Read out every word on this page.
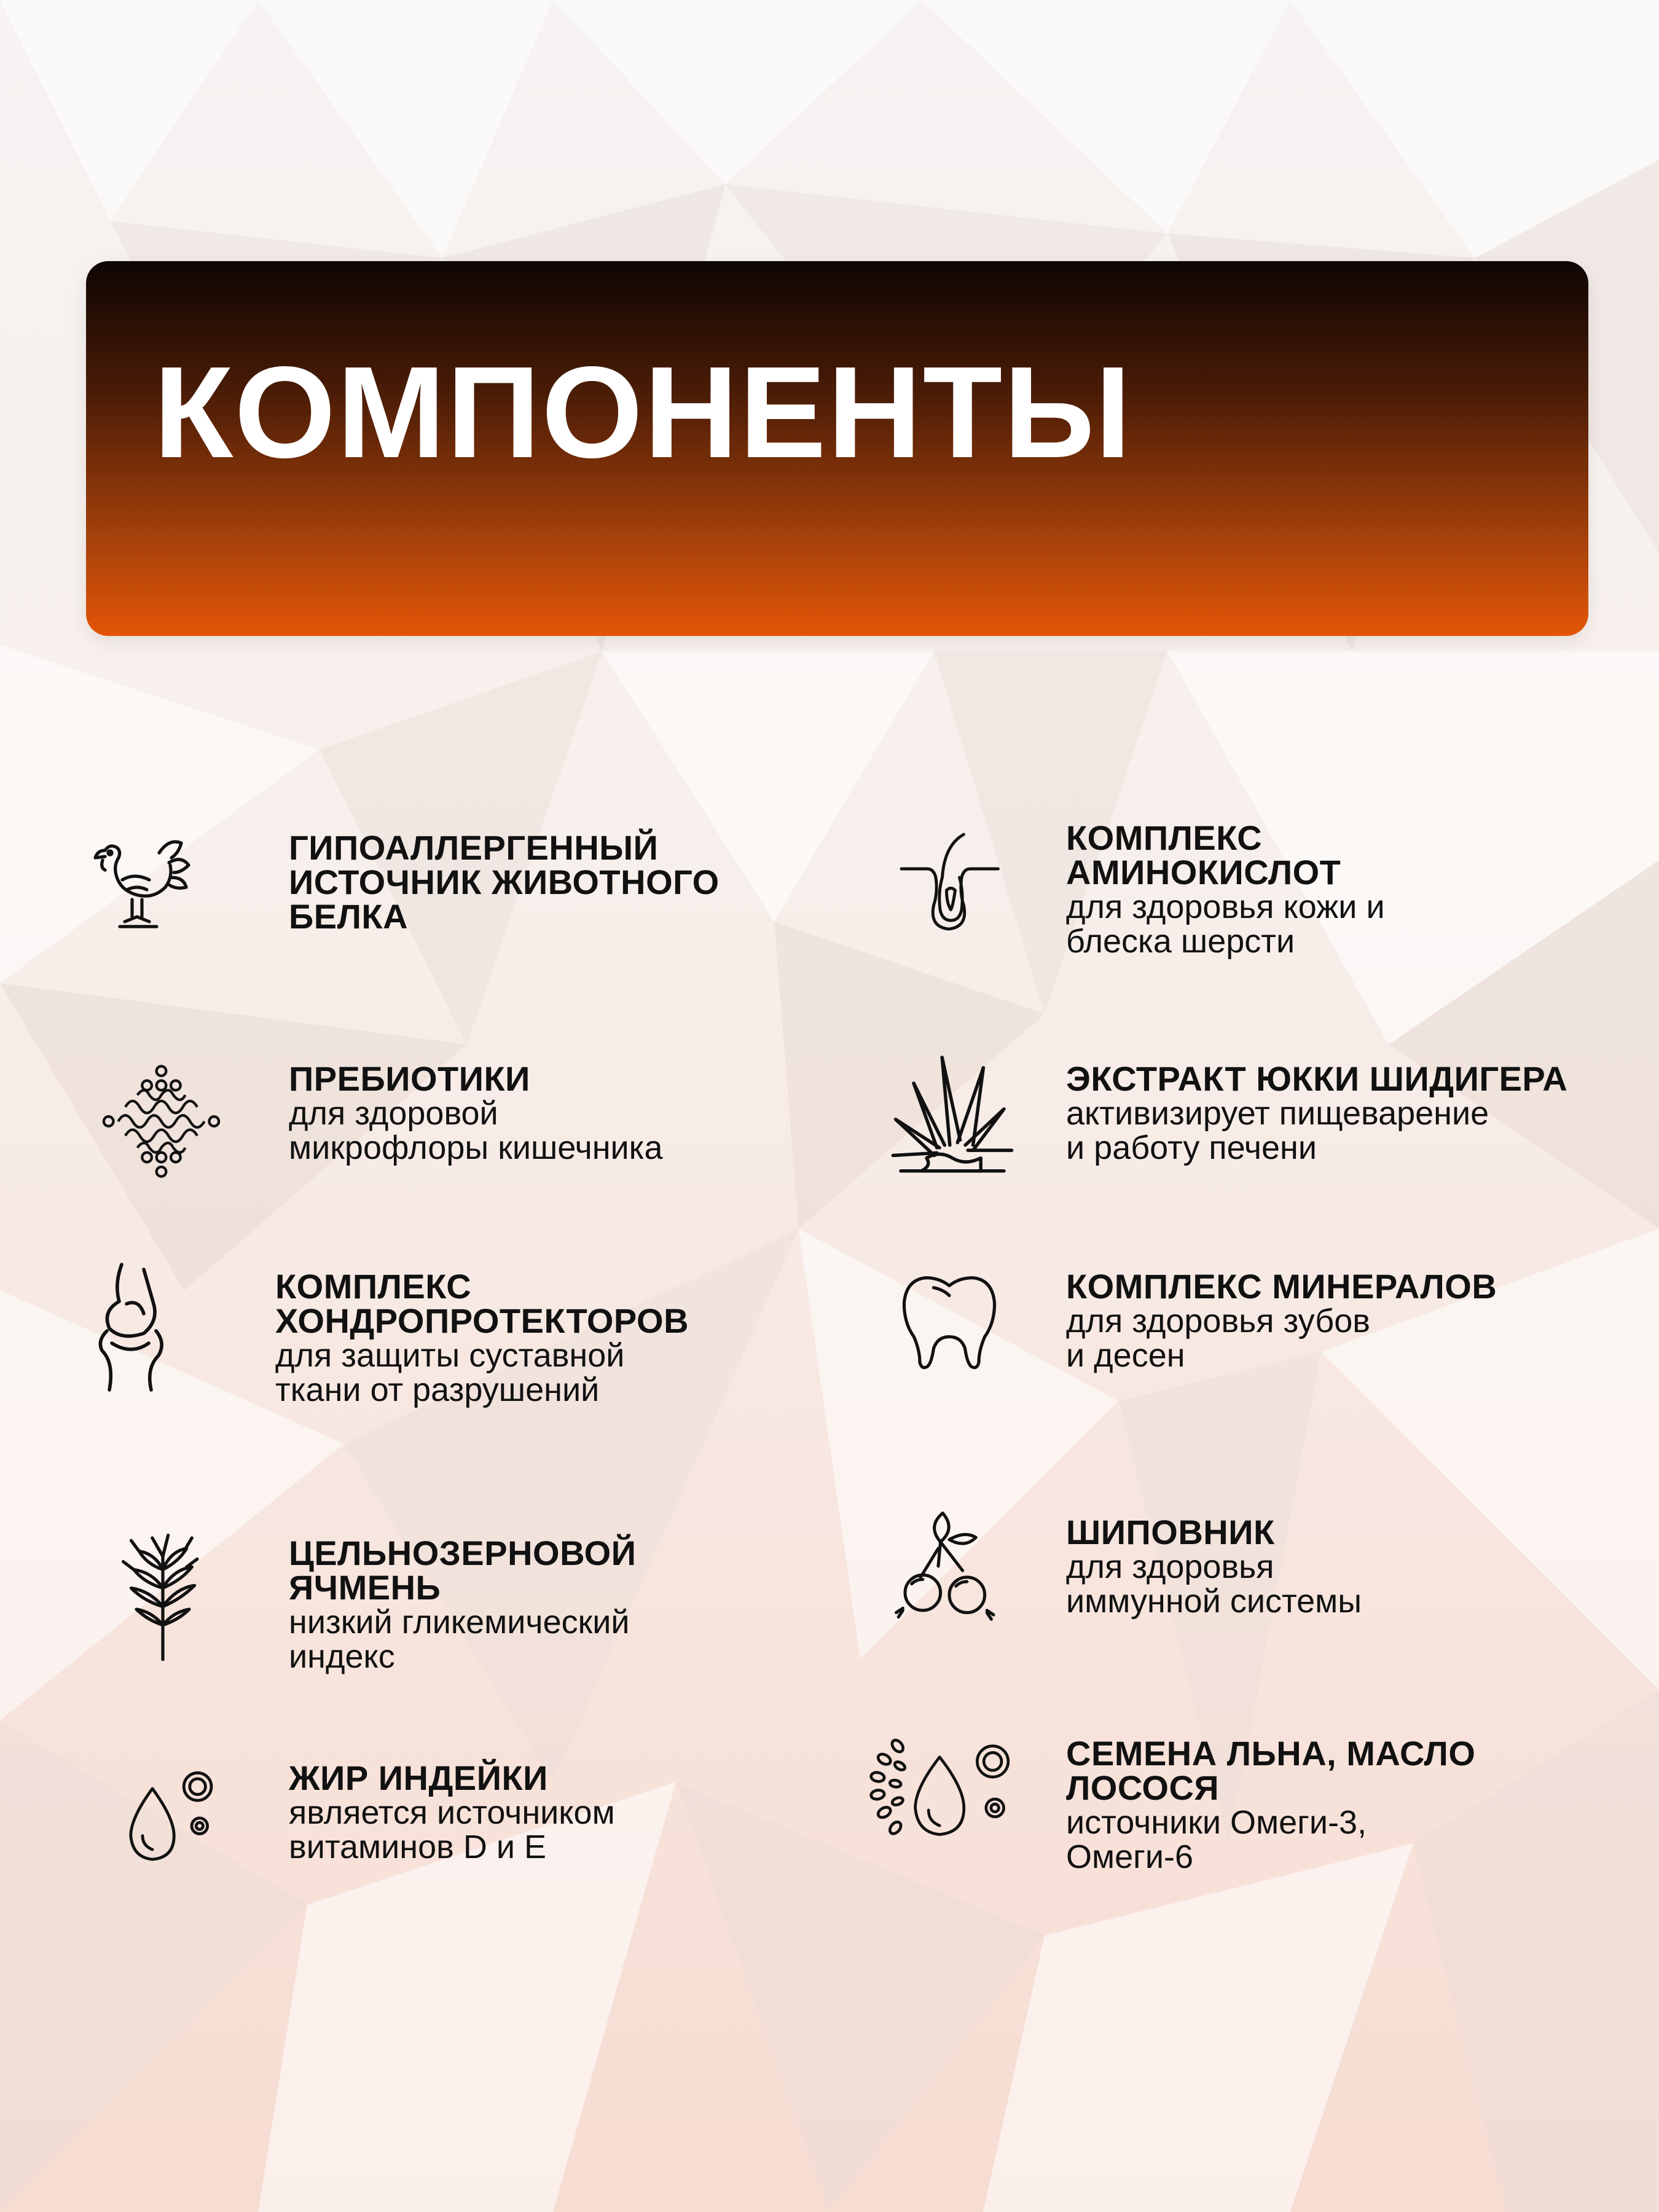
КОМПОНЕНТЫ

ГИПОАЛЛЕРГЕННЫЙ
ИСТОЧНИК ЖИВОТНОГО
БЕЛКА

КОМПЛЕКС
АМИНОКИСЛОТ

для здоровья кожи и
блеска шерсти

ПРЕБИОТИКИ

для здоровой
микрофлоры кишечника

ЭКСТРАКТ ЮККИ ШИДИГЕРА

активизирует пищеварение
и работу печени

КОМПЛЕКС
ХОНДРОПРОТЕКТОРОВ

для защиты суставной
ткани от разрушений

КОМПЛЕКС МИНЕРАЛОВ

для здоровья зубов
и десен

ЦЕЛЬНОЗЕРНОВОЙ
ЯЧМЕНЬ

низкий гликемический
индекс

ШИПОВНИК

для здоровья
иммунной системы

ЖИР ИНДЕЙКИ

является источником
витаминов D и E

СЕМЕНА ЛЬНА, МАСЛО
ЛОСОСЯ

источники Омеги-3,
Омеги-6
